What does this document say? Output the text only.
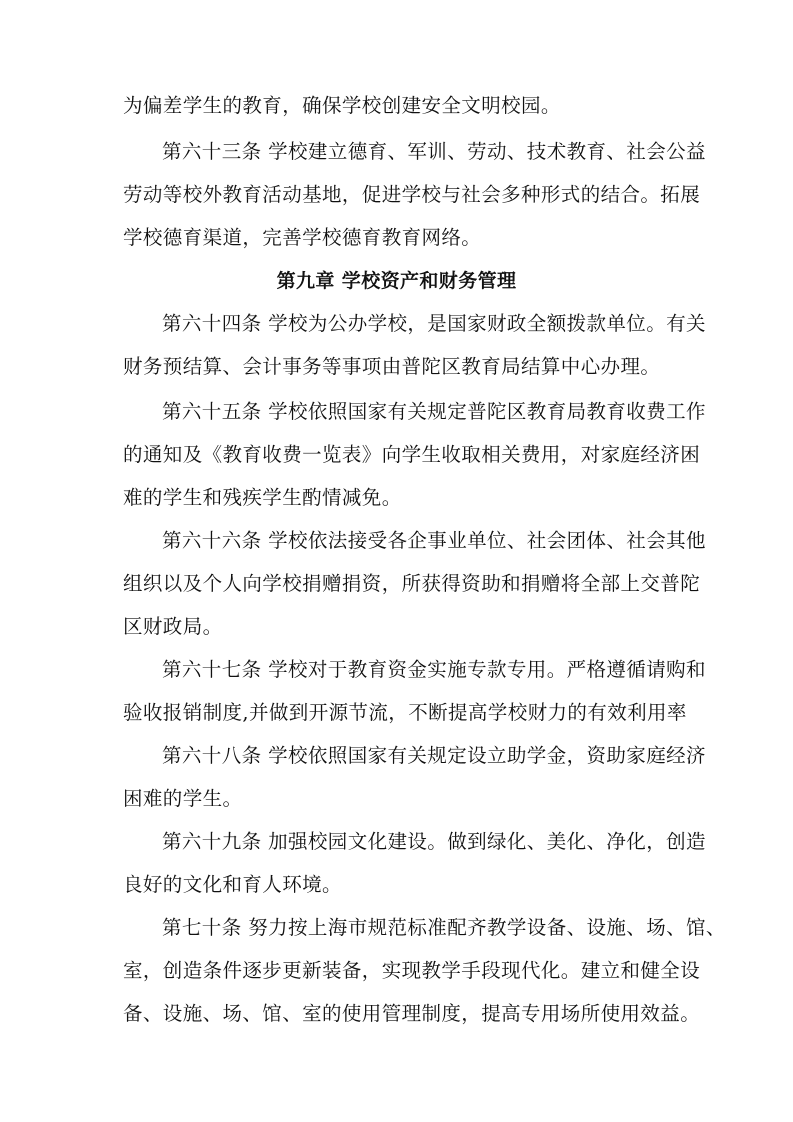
为偏差学生的教育，确保学校创建安全文明校园。
第六十三条 学校建立德育、军训、劳动、技术教育、社会公益
劳动等校外教育活动基地，促进学校与社会多种形式的结合。拓展
学校德育渠道，完善学校德育教育网络。
第九章 学校资产和财务管理
第六十四条 学校为公办学校，是国家财政全额拨款单位。有关
财务预结算、会计事务等事项由普陀区教育局结算中心办理。
第六十五条 学校依照国家有关规定普陀区教育局教育收费工作
的通知及《教育收费一览表》向学生收取相关费用，对家庭经济困
难的学生和残疾学生酌情减免。
第六十六条 学校依法接受各企事业单位、社会团体、社会其他
组织以及个人向学校捐赠捐资，所获得资助和捐赠将全部上交普陀
区财政局。
第六十七条 学校对于教育资金实施专款专用。严格遵循请购和
验收报销制度,并做到开源节流，不断提高学校财力的有效利用率
第六十八条 学校依照国家有关规定设立助学金，资助家庭经济
困难的学生。
第六十九条 加强校园文化建设。做到绿化、美化、净化，创造
良好的文化和育人环境。
第七十条 努力按上海市规范标准配齐教学设备、设施、场、馆、
室，创造条件逐步更新装备，实现教学手段现代化。建立和健全设
备、设施、场、馆、室的使用管理制度，提高专用场所使用效益。
